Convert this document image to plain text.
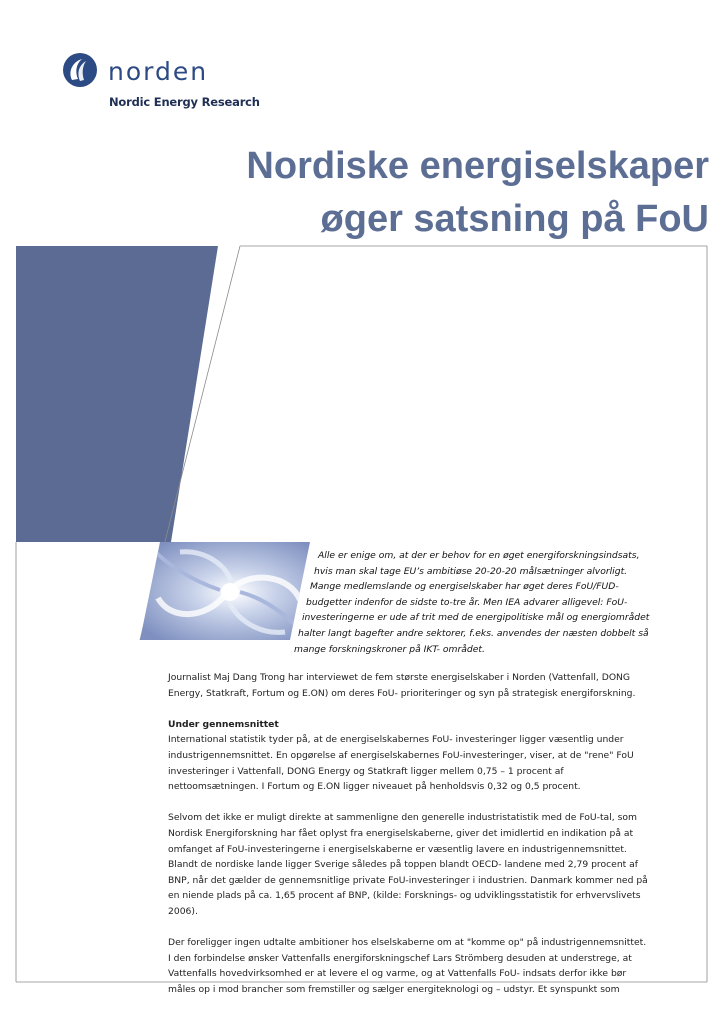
norden
Nordic Energy Research
Nordiske energiselskaper
øger satsning på FoU
Alle er enige om, at der er behov for en øget energiforskningsindsats,
hvis man skal tage EU’s ambitiøse 20-20-20 målsætninger alvorligt.
Mange medlemslande og energiselskaber har øget deres FoU/FUD-
budgetter indenfor de sidste to-tre år. Men IEA advarer alligevel: FoU-
investeringerne er ude af trit med de energipolitiske mål og energiområdet
halter langt bagefter andre sektorer, f.eks. anvendes der næsten dobbelt så
mange forskningskroner på IKT- området.

Journalist Maj Dang Trong har interviewet de fem største energiselskaber i Norden (Vattenfall, DONG
Energy, Statkraft, Fortum og E.ON) om deres FoU- prioriteringer og syn på strategisk energiforskning.

Under gennemsnittet
International statistik tyder på, at de energiselskabernes FoU- investeringer ligger væsentlig under
industrigennemsnittet. En opgørelse af energiselskabernes FoU-investeringer, viser, at de "rene" FoU
investeringer i Vattenfall, DONG Energy og Statkraft ligger mellem 0,75 – 1 procent af
nettoomsætningen. I Fortum og E.ON ligger niveauet på henholdsvis 0,32 og 0,5 procent.

Selvom det ikke er muligt direkte at sammenligne den generelle industristatistik med de FoU-tal, som
Nordisk Energiforskning har fået oplyst fra energiselskaberne, giver det imidlertid en indikation på at
omfanget af FoU-investeringerne i energiselskaberne er væsentlig lavere en industrigennemsnittet.
Blandt de nordiske lande ligger Sverige således på toppen blandt OECD- landene med 2,79 procent af
BNP, når det gælder de gennemsnitlige private FoU-investeringer i industrien. Danmark kommer ned på
en niende plads på ca. 1,65 procent af BNP, (kilde: Forsknings- og udviklingsstatistik for erhvervslivets
2006).

Der foreligger ingen udtalte ambitioner hos elselskaberne om at "komme op" på industrigennemsnittet.
I den forbindelse ønsker Vattenfalls energiforskningschef Lars Strömberg desuden at understrege, at
Vattenfalls hovedvirksomhed er at levere el og varme, og at Vattenfalls FoU- indsats derfor ikke bør
måles op i mod brancher som fremstiller og sælger energiteknologi og – udstyr. Et synspunkt som
